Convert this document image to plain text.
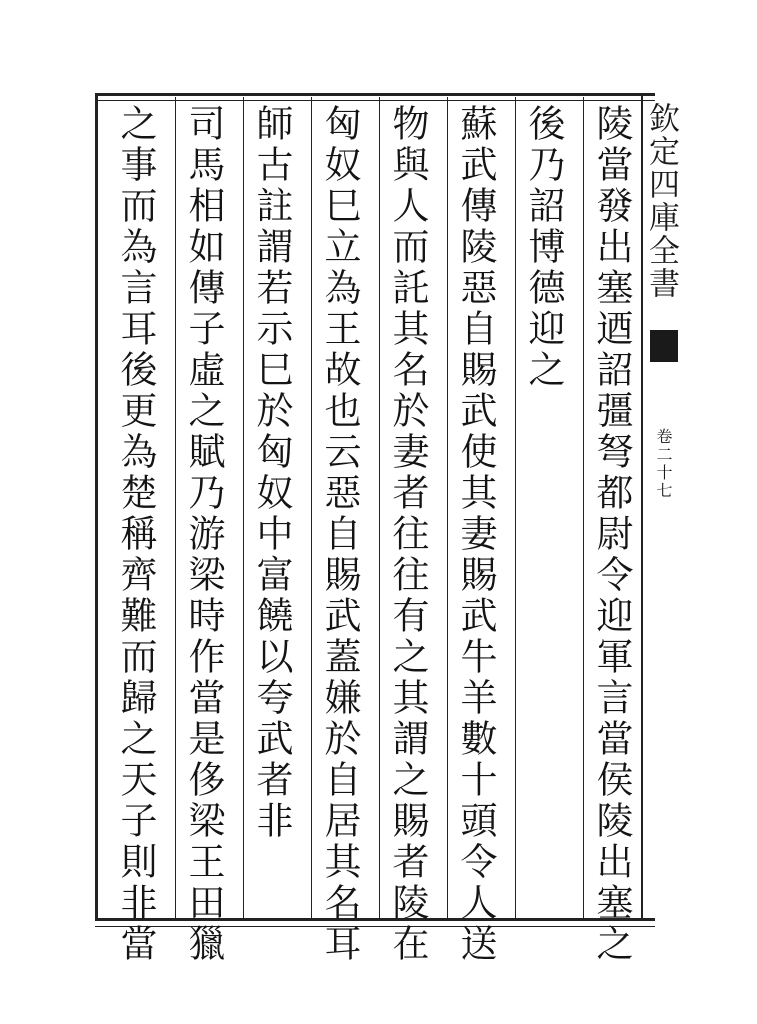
欽定四庫全書
卷二十七
陵當發出塞迺詔彊弩都尉令迎軍言當侯陵出塞之
後乃詔博德迎之
蘇武傳陵惡自賜武使其妻賜武牛羊數十頭令人送
物與人而託其名於妻者往往有之其謂之賜者陵在
匈奴巳立為王故也云惡自賜武蓋嫌於自居其名耳
師古註謂若示巳於匈奴中富饒以夸武者非
司馬相如傳子虛之賦乃游梁時作當是侈梁王田獵
之事而為言耳後更為楚稱齊難而歸之天子則非當
